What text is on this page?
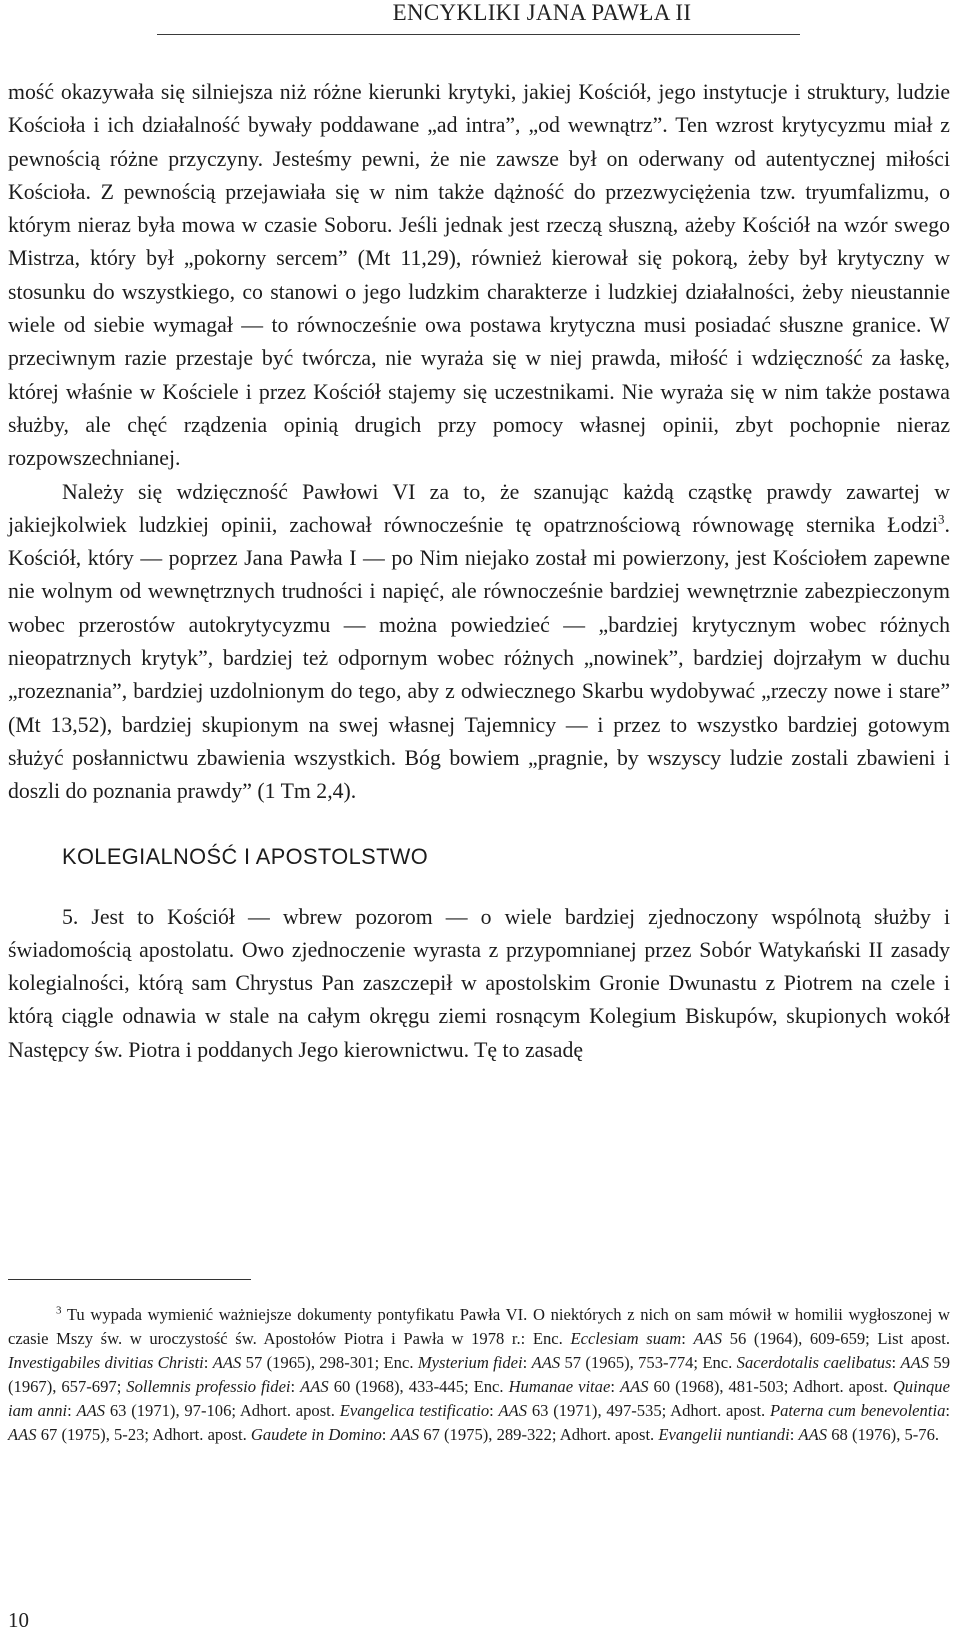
ENCYKLIKI JANA PAWŁA II

mość okazywała się silniejsza niż różne kierunki krytyki, jakiej Kościół, jego instytucje i struktury, ludzie Kościoła i ich działalność bywały poddawane „ad intra”, „od wewnątrz”. Ten wzrost krytycyzmu miał z pewnością różne przyczyny. Jesteśmy pewni, że nie zawsze był on oderwany od autentycznej miłości Kościoła. Z pewnością przejawiała się w nim także dążność do przezwyciężenia tzw. tryumfalizmu, o którym nieraz była mowa w czasie Soboru. Jeśli jednak jest rzeczą słuszną, ażeby Kościół na wzór swego Mistrza, który był „pokorny sercem” (Mt 11,29), również kierował się pokorą, żeby był krytyczny w stosunku do wszystkiego, co stanowi o jego ludzkim charakterze i ludzkiej działalności, żeby nieustannie wiele od siebie wymagał — to równocześnie owa postawa krytyczna musi posiadać słuszne granice. W przeciwnym razie przestaje być twórcza, nie wyraża się w niej prawda, miłość i wdzięczność za łaskę, której właśnie w Kościele i przez Kościół stajemy się uczestnikami. Nie wyraża się w nim także postawa służby, ale chęć rządzenia opinią drugich przy pomocy własnej opinii, zbyt pochopnie nieraz rozpowszechnianej.

Należy się wdzięczność Pawłowi VI za to, że szanując każdą cząstkę prawdy zawartej w jakiejkolwiek ludzkiej opinii, zachował równocześnie tę opatrznościową równowagę sternika Łodzi$^3$. Kościół, który — poprzez Jana Pawła I — po Nim niejako został mi powierzony, jest Kościołem zapewne nie wolnym od wewnętrznych trudności i napięć, ale równocześnie bardziej wewnętrznie zabezpieczonym wobec przerostów autokrytycyzmu — można powiedzieć — „bardziej krytycznym wobec różnych nieopatrznych krytyk”, bardziej też odpornym wobec różnych „nowinek”, bardziej dojrzałym w duchu „rozeznania”, bardziej uzdolnionym do tego, aby z odwiecznego Skarbu wydobywać „rzeczy nowe i stare” (Mt 13,52), bardziej skupionym na swej własnej Tajemnicy — i przez to wszystko bardziej gotowym służyć posłannictwu zbawienia wszystkich. Bóg bowiem „pragnie, by wszyscy ludzie zostali zbawieni i doszli do poznania prawdy” (1 Tm 2,4).

KOLEGIALNOŚĆ I APOSTOLSTWO

5. Jest to Kościół — wbrew pozorom — o wiele bardziej zjednoczony wspólnotą służby i świadomością apostolatu. Owo zjednoczenie wyrasta z przypomnianej przez Sobór Watykański II zasady kolegialności, którą sam Chrystus Pan zaszczepił w apostolskim Gronie Dwunastu z Piotrem na czele i którą ciągle odnawia w stale na całym okręgu ziemi rosnącym Kolegium Biskupów, skupionych wokół Następcy św. Piotra i poddanych Jego kierownictwu. Tę to zasadę

$^3$ Tu wypada wymienić ważniejsze dokumenty pontyfikatu Pawła VI. O niektórych z nich on sam mówił w homilii wygłoszonej w czasie Mszy św. w uroczystość św. Apostołów Piotra i Pawła w 1978 r.: Enc. Ecclesiam suam: AAS 56 (1964), 609-659; List apost. Investigabiles divitias Christi: AAS 57 (1965), 298-301; Enc. Mysterium fidei: AAS 57 (1965), 753-774; Enc. Sacerdotalis caelibatus: AAS 59 (1967), 657-697; Sollemnis professio fidei: AAS 60 (1968), 433-445; Enc. Humanae vitae: AAS 60 (1968), 481-503; Adhort. apost. Quinque iam anni: AAS 63 (1971), 97-106; Adhort. apost. Evangelica testificatio: AAS 63 (1971), 497-535; Adhort. apost. Paterna cum benevolentia: AAS 67 (1975), 5-23; Adhort. apost. Gaudete in Domino: AAS 67 (1975), 289-322; Adhort. apost. Evangelii nuntiandi: AAS 68 (1976), 5-76.

10
